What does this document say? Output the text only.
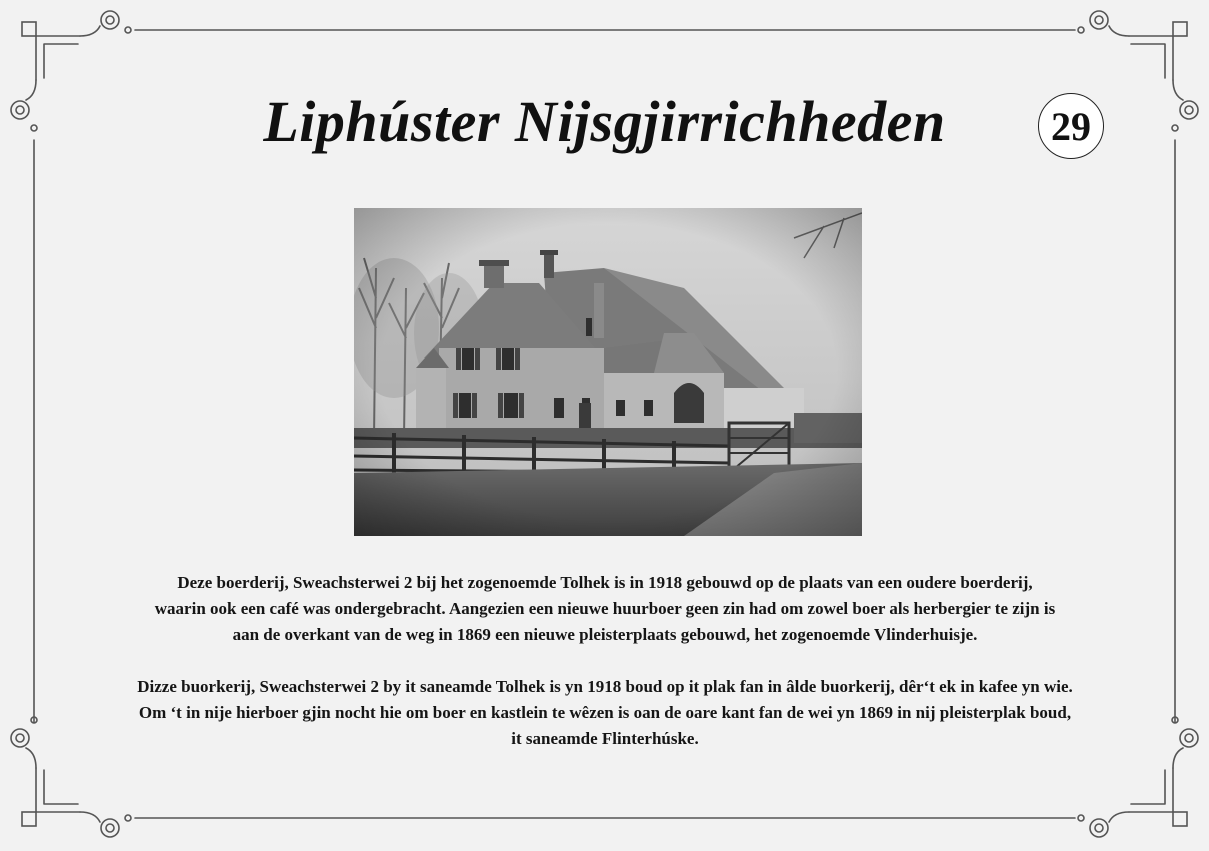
Liphúster Nijsgjirrichheden	29
Deze boerderij, Sweachsterwei 2 bij het zogenoemde Tolhek is in 1918 gebouwd op de plaats van een oudere boerderij,
waarin ook een café was ondergebracht. Aangezien een nieuwe huurboer geen zin had om zowel boer als herbergier te zijn is
aan de overkant van de weg in 1869 een nieuwe pleisterplaats gebouwd, het zogenoemde Vlinderhuisje.
Dizze buorkerij, Sweachsterwei 2 by it saneamde Tolhek is yn 1918 boud op it plak fan in âlde buorkerij, dêr‘t ek in kafee yn wie.
Om ‘t in nije hierboer gjin nocht hie om boer en kastlein te wêzen is oan de oare kant fan de wei yn 1869 in nij pleisterplak boud,
it saneamde Flinterhúske.
